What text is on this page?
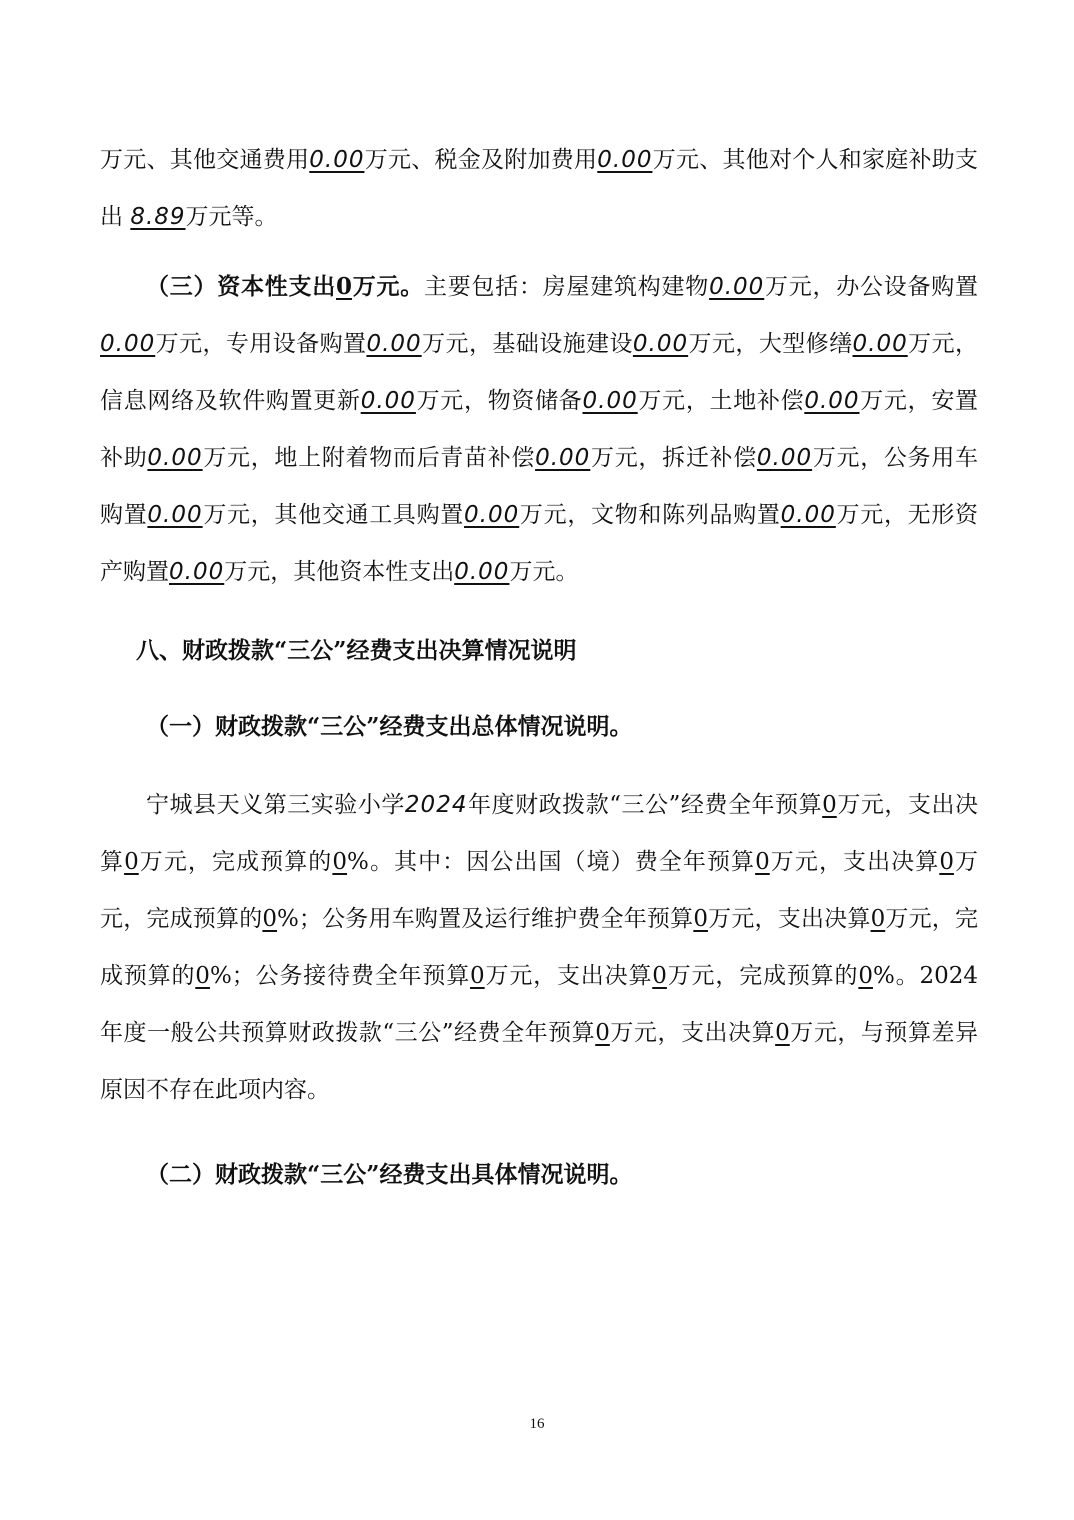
万元、其他交通费用0.00万元、税金及附加费用0.00万元、其他对个人和家庭补助支出 8.89万元等。

（三）资本性支出0万元。主要包括：房屋建筑构建物0.00万元，办公设备购置0.00万元，专用设备购置0.00万元，基础设施建设0.00万元，大型修缮0.00万元，信息网络及软件购置更新0.00万元，物资储备0.00万元，土地补偿0.00万元，安置补助0.00万元，地上附着物而后青苗补偿0.00万元，拆迁补偿0.00万元，公务用车购置0.00万元，其他交通工具购置0.00万元，文物和陈列品购置0.00万元，无形资产购置0.00万元，其他资本性支出0.00万元。

八、财政拨款“三公”经费支出决算情况说明

（一）财政拨款“三公”经费支出总体情况说明。

宁城县天义第三实验小学2024年度财政拨款“三公”经费全年预算0万元，支出决算0万元，完成预算的0%。其中：因公出国（境）费全年预算0万元，支出决算0万元，完成预算的0%；公务用车购置及运行维护费全年预算0万元，支出决算0万元，完成预算的0%；公务接待费全年预算0万元，支出决算0万元，完成预算的0%。2024 年度一般公共预算财政拨款“三公”经费全年预算0万元，支出决算0万元，与预算差异原因不存在此项内容。

（二）财政拨款“三公”经费支出具体情况说明。

16
